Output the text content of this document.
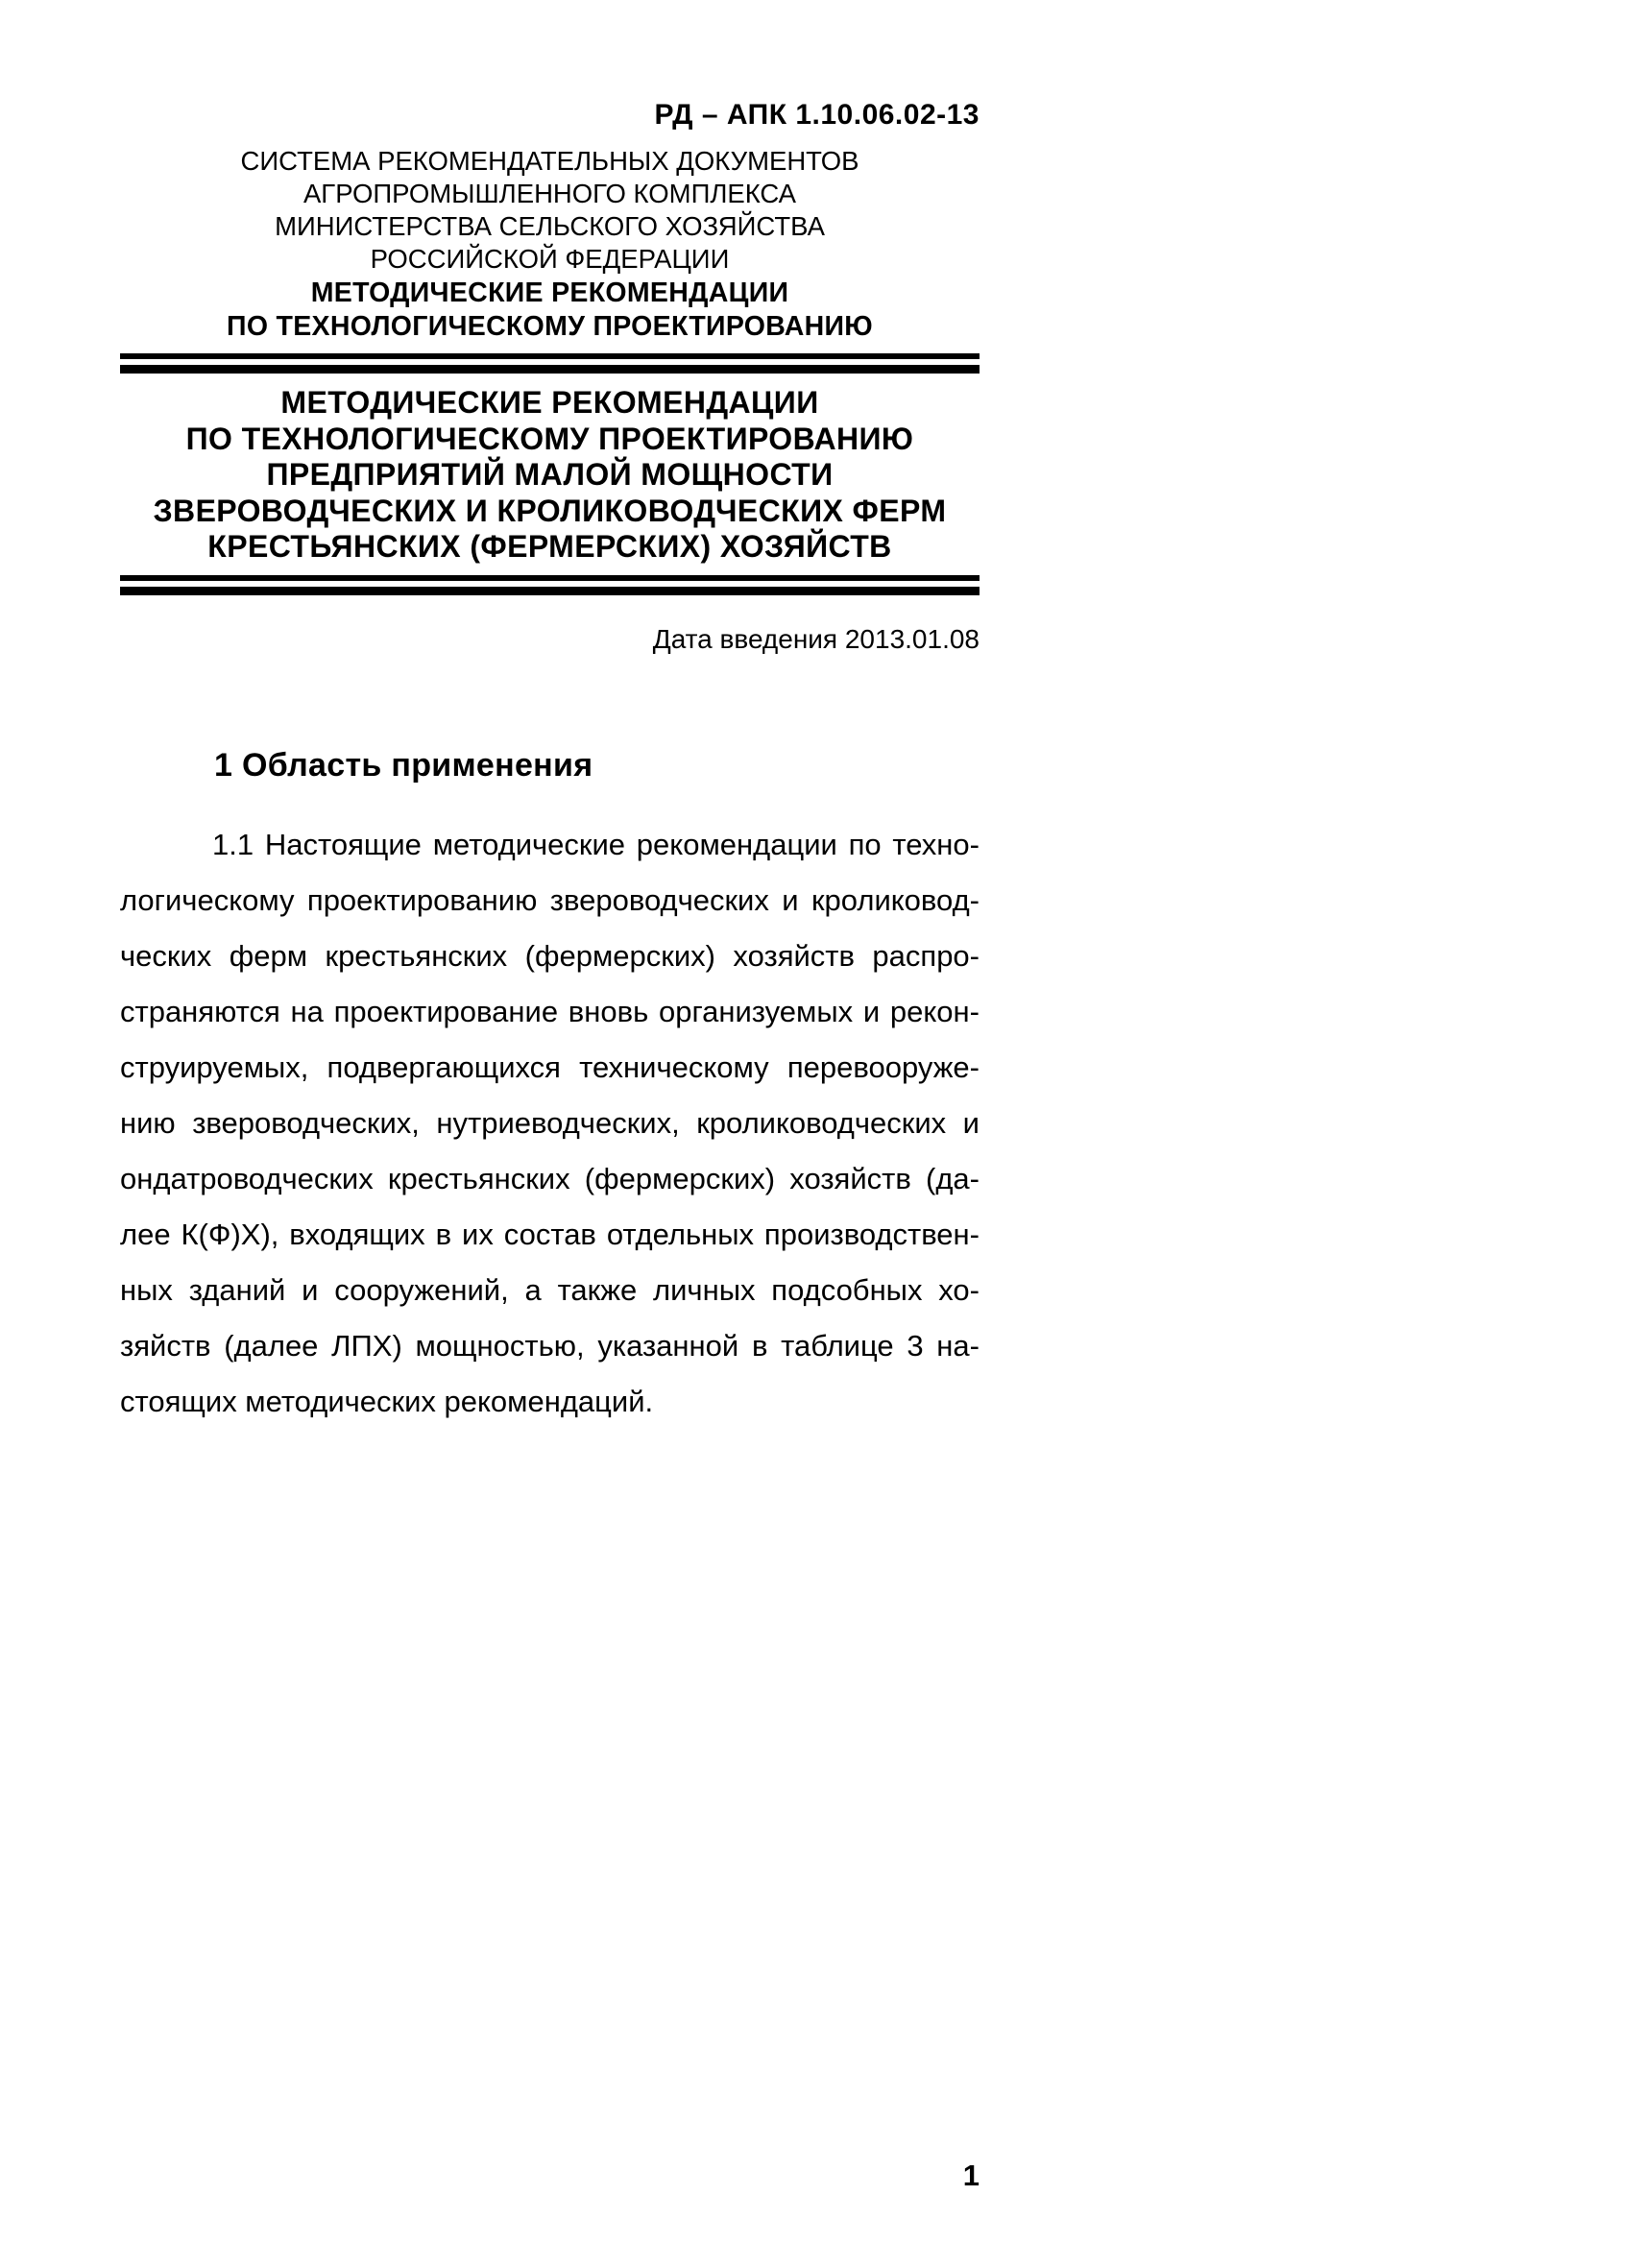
РД – АПК 1.10.06.02-13
СИСТЕМА РЕКОМЕНДАТЕЛЬНЫХ ДОКУМЕНТОВ
АГРОПРОМЫШЛЕННОГО КОМПЛЕКСА
МИНИСТЕРСТВА СЕЛЬСКОГО ХОЗЯЙСТВА
РОССИЙСКОЙ ФЕДЕРАЦИИ
МЕТОДИЧЕСКИЕ РЕКОМЕНДАЦИИ
ПО ТЕХНОЛОГИЧЕСКОМУ ПРОЕКТИРОВАНИЮ
МЕТОДИЧЕСКИЕ РЕКОМЕНДАЦИИ
ПО ТЕХНОЛОГИЧЕСКОМУ ПРОЕКТИРОВАНИЮ
ПРЕДПРИЯТИЙ МАЛОЙ МОЩНОСТИ
ЗВЕРОВОДЧЕСКИХ И КРОЛИКОВОДЧЕСКИХ ФЕРМ
КРЕСТЬЯНСКИХ (ФЕРМЕРСКИХ) ХОЗЯЙСТВ
Дата введения 2013.01.08
1 Область применения
1.1 Настоящие методические рекомендации по техно-
логическому проектированию звероводческих и кроликовод-
ческих ферм крестьянских (фермерских) хозяйств распро-
страняются на проектирование вновь организуемых и рекон-
струируемых, подвергающихся техническому перевооруже-
нию звероводческих, нутриеводческих, кролиководческих и
ондатроводческих крестьянских (фермерских) хозяйств (да-
лее К(Ф)Х), входящих в их состав отдельных производствен-
ных зданий и сооружений, а также личных подсобных хо-
зяйств (далее ЛПХ) мощностью, указанной в таблице 3 на-
стоящих методических рекомендаций.
1
